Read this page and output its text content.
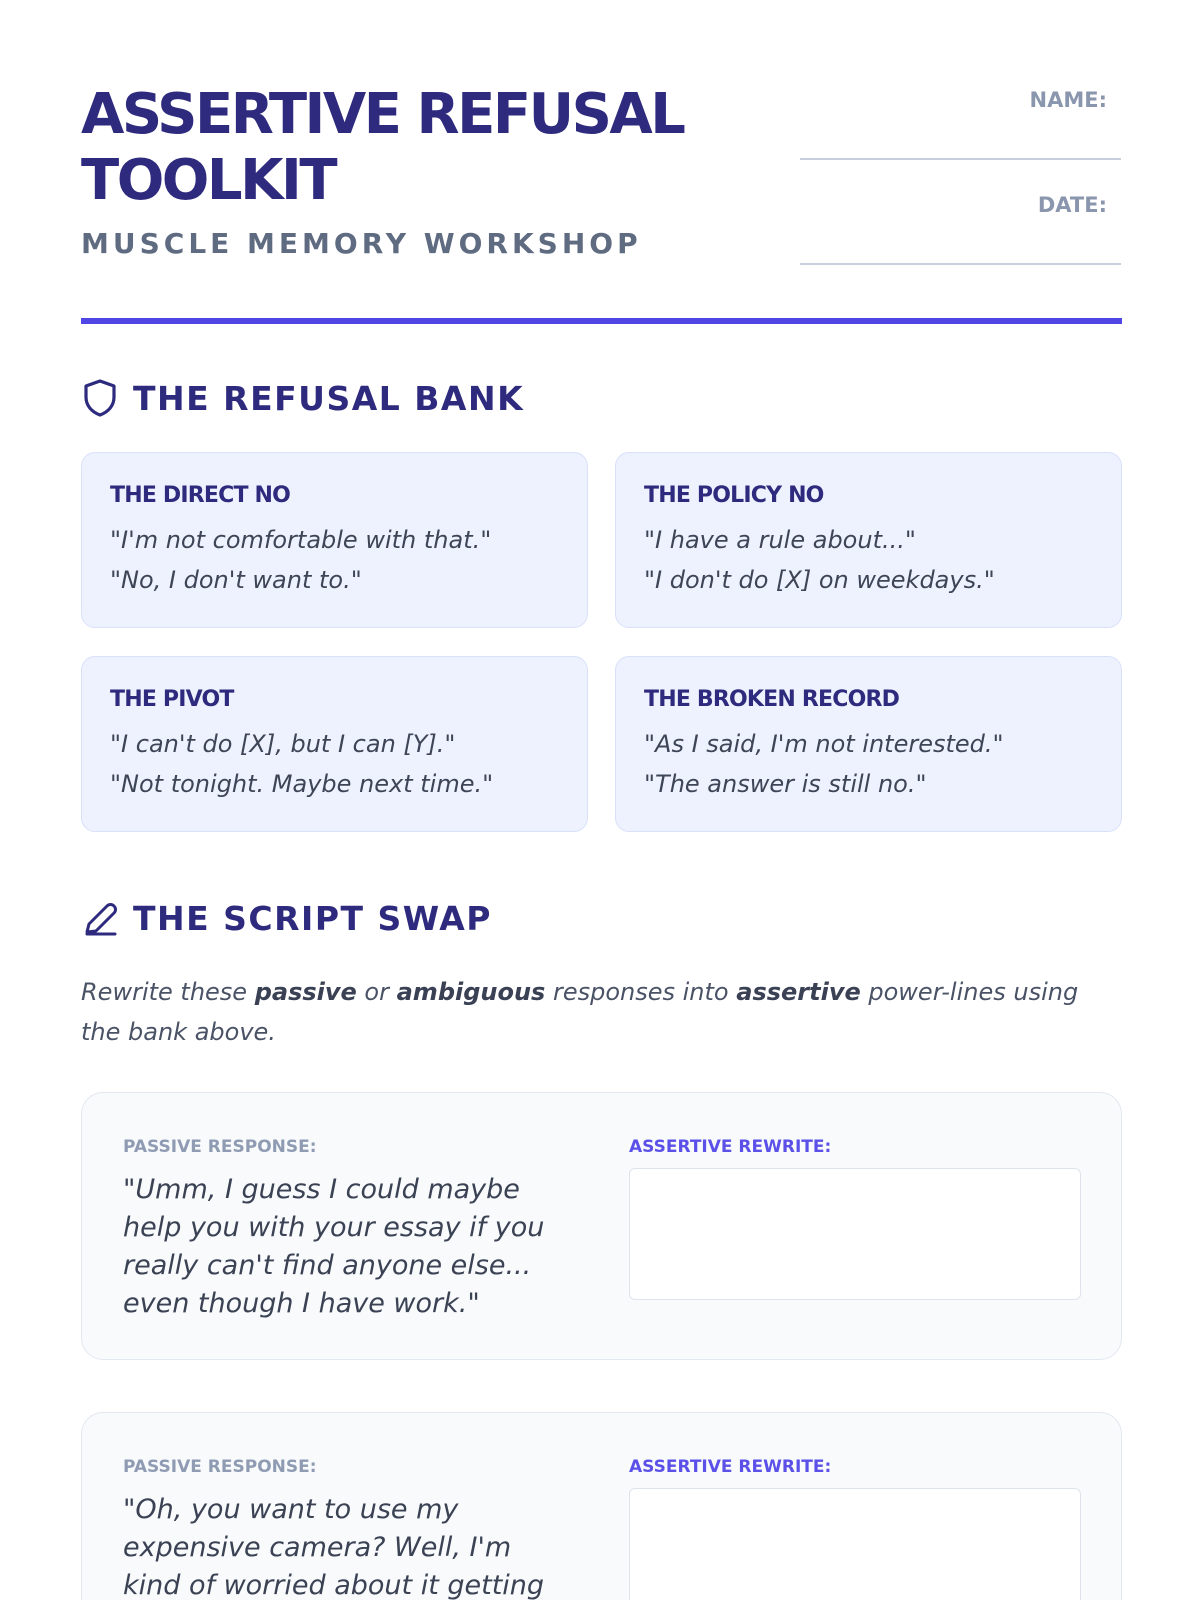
ASSERTIVE REFUSAL TOOLKIT
MUSCLE MEMORY WORKSHOP
NAME:
DATE:
THE REFUSAL BANK
THE DIRECT NO
"I'm not comfortable with that."
"No, I don't want to."
THE POLICY NO
"I have a rule about..."
"I don't do [X] on weekdays."
THE PIVOT
"I can't do [X], but I can [Y]."
"Not tonight. Maybe next time."
THE BROKEN RECORD
"As I said, I'm not interested."
"The answer is still no."
THE SCRIPT SWAP

Rewrite these passive or ambiguous responses into assertive power-lines using the bank above.

PASSIVE RESPONSE:

"Umm, I guess I could maybe help you with your essay if you really can't find anyone else... even though I have work."

ASSERTIVE REWRITE:
PASSIVE RESPONSE:

"Oh, you want to use my expensive camera? Well, I'm kind of worried about it getting

ASSERTIVE REWRITE:
